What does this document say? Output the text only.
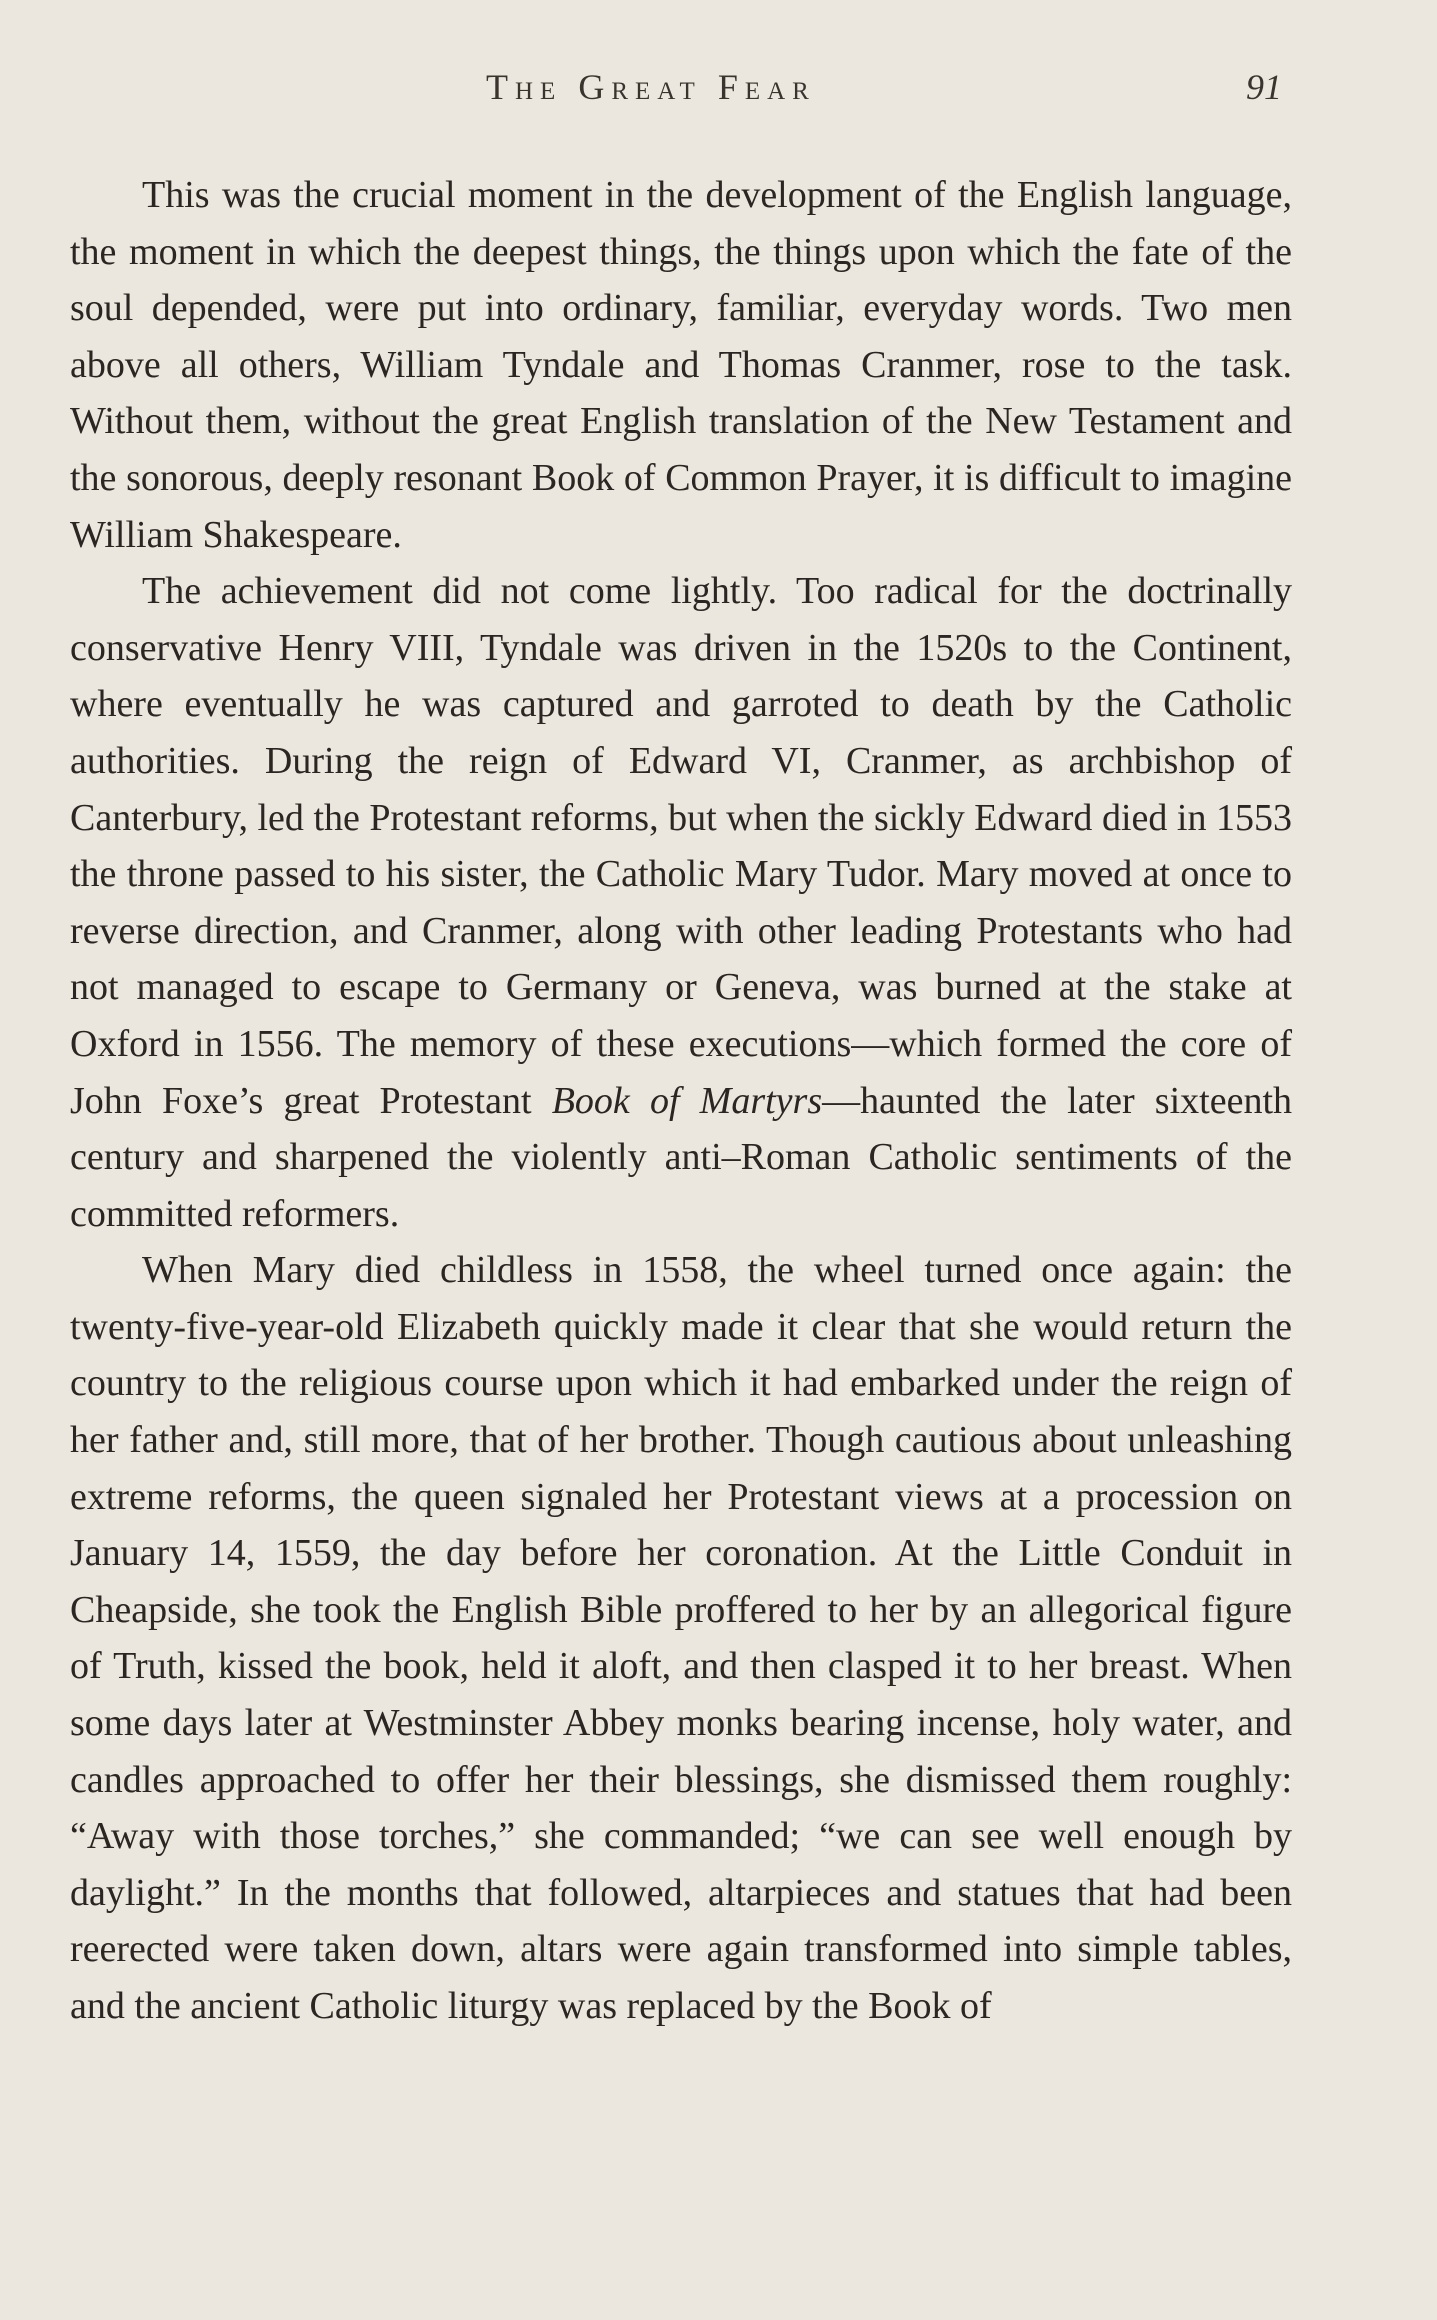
The Great Fear	91

This was the crucial moment in the development of the English language, the moment in which the deepest things, the things upon which the fate of the soul depended, were put into ordinary, familiar, everyday words. Two men above all others, William Tyndale and Thomas Cranmer, rose to the task. Without them, without the great English translation of the New Testament and the sonorous, deeply resonant Book of Common Prayer, it is difficult to imagine William Shakespeare.

The achievement did not come lightly. Too radical for the doctrinally conservative Henry VIII, Tyndale was driven in the 1520s to the Continent, where eventually he was captured and garroted to death by the Catholic authorities. During the reign of Edward VI, Cranmer, as archbishop of Canterbury, led the Protestant reforms, but when the sickly Edward died in 1553 the throne passed to his sister, the Catholic Mary Tudor. Mary moved at once to reverse direction, and Cranmer, along with other leading Protestants who had not managed to escape to Germany or Geneva, was burned at the stake at Oxford in 1556. The memory of these executions—which formed the core of John Foxe’s great Protestant Book of Martyrs—haunted the later sixteenth century and sharpened the violently anti–Roman Catholic sentiments of the committed reformers.

When Mary died childless in 1558, the wheel turned once again: the twenty-five-year-old Elizabeth quickly made it clear that she would return the country to the religious course upon which it had embarked under the reign of her father and, still more, that of her brother. Though cautious about unleashing extreme reforms, the queen signaled her Protestant views at a procession on January 14, 1559, the day before her coronation. At the Little Conduit in Cheapside, she took the English Bible proffered to her by an allegorical figure of Truth, kissed the book, held it aloft, and then clasped it to her breast. When some days later at Westminster Abbey monks bearing incense, holy water, and candles approached to offer her their blessings, she dismissed them roughly: “Away with those torches,” she commanded; “we can see well enough by daylight.” In the months that followed, altarpieces and statues that had been reerected were taken down, altars were again transformed into simple tables, and the ancient Catholic liturgy was replaced by the Book of
